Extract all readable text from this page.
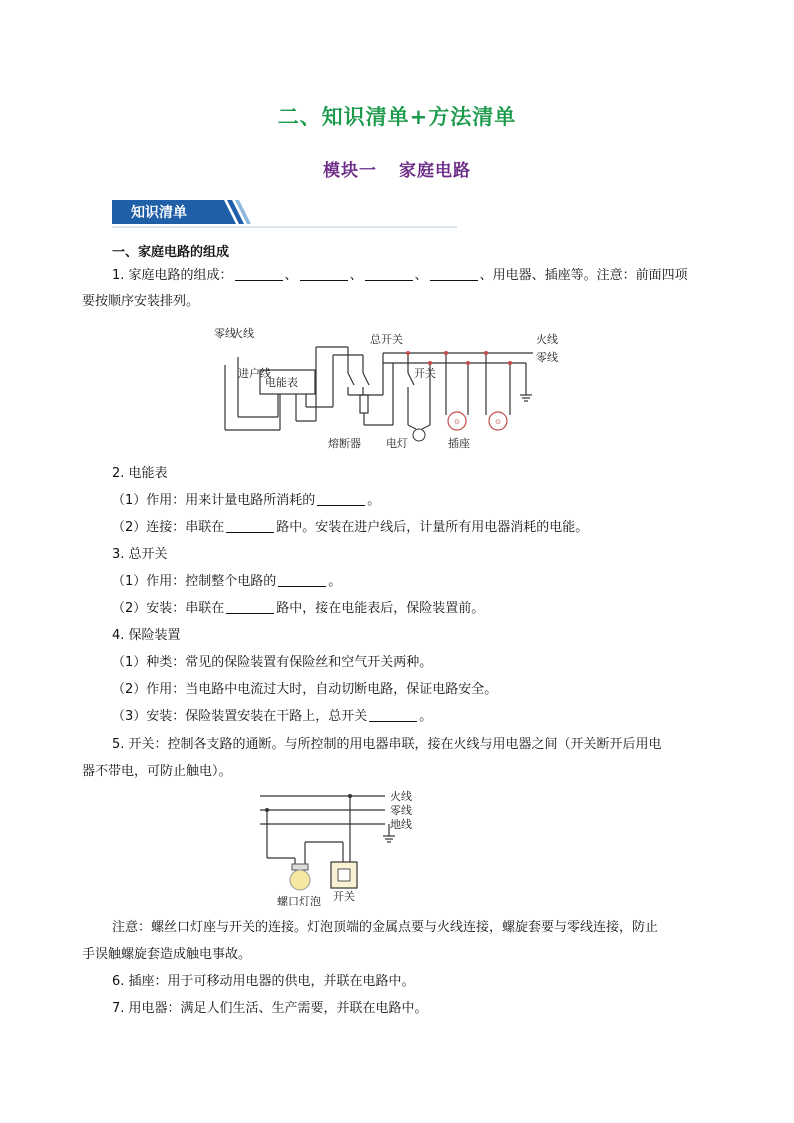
二、知识清单+方法清单
模块一 家庭电路
知识清单
一、家庭电路的组成
1. 家庭电路的组成：	、	、	、	、用电器、插座等。注意：前面四项
要按顺序安装排列。
⊙	⊙
零线
火线
进户线
电能表
总开关
开关
火线
零线
熔断器 电灯	插座
2. 电能表
（1）作用：用来计量电路所消耗的	。
（2）连接：串联在	路中。安装在进户线后，计量所有用电器消耗的电能。
3. 总开关
（1）作用：控制整个电路的	。
（2）安装：串联在	路中，接在电能表后，保险装置前。
4. 保险装置
（1）种类：常见的保险装置有保险丝和空气开关两种。
（2）作用：当电路中电流过大时，自动切断电路，保证电路安全。
（3）安装：保险装置安装在干路上，总开关	。
5. 开关：控制各支路的通断。与所控制的用电器串联，接在火线与用电器之间（开关断开后用电
器不带电，可防止触电）。
火线
零线
地线
螺口灯泡 开关
注意：螺丝口灯座与开关的连接。灯泡顶端的金属点要与火线连接，螺旋套要与零线连接，防止
手误触螺旋套造成触电事故。
6. 插座：用于可移动用电器的供电，并联在电路中。
7. 用电器：满足人们生活、生产需要，并联在电路中。
